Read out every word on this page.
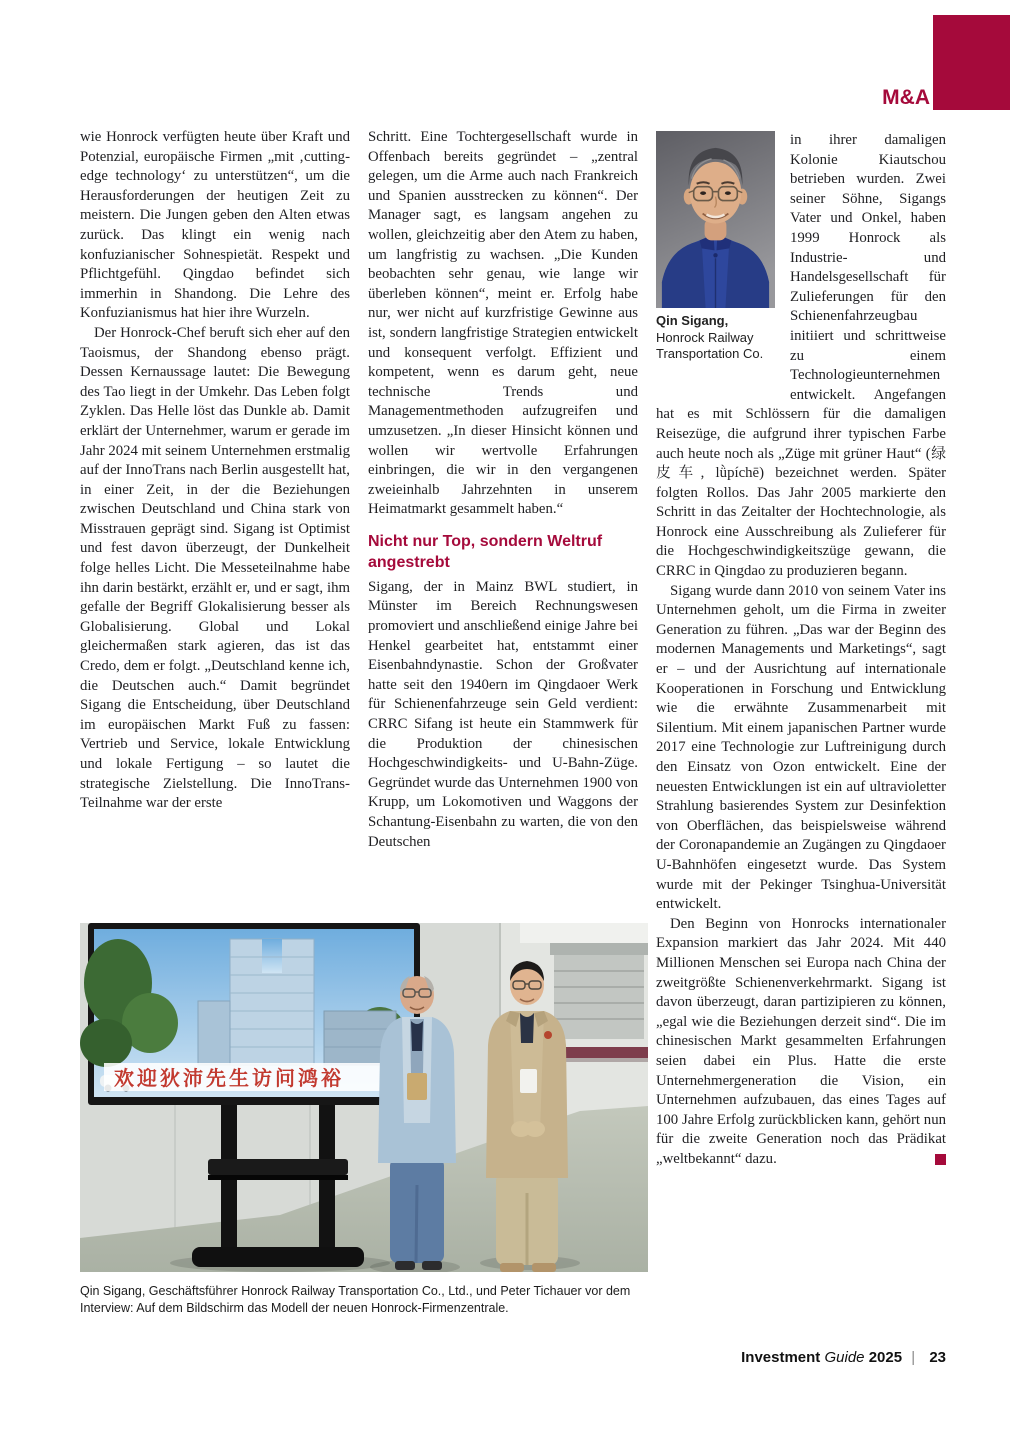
M&A

wie Honrock verfügten heute über Kraft und Potenzial, europäische Firmen „mit ‚cutting-edge technology‘ zu unterstützen“, um die Herausforderungen der heutigen Zeit zu meistern. Die Jungen geben den Alten etwas zurück. Das klingt ein wenig nach konfuzianischer Sohnespietät. Respekt und Pflichtgefühl. Qingdao befindet sich immerhin in Shandong. Die Lehre des Konfuzianismus hat hier ihre Wurzeln.

Der Honrock-Chef beruft sich eher auf den Taoismus, der Shandong ebenso prägt. Dessen Kernaussage lautet: Die Bewegung des Tao liegt in der Umkehr. Das Leben folgt Zyklen. Das Helle löst das Dunkle ab. Damit erklärt der Unternehmer, warum er gerade im Jahr 2024 mit seinem Unternehmen erstmalig auf der InnoTrans nach Berlin ausgestellt hat, in einer Zeit, in der die Beziehungen zwischen Deutschland und China stark von Misstrauen geprägt sind. Sigang ist Optimist und fest davon überzeugt, der Dunkelheit folge helles Licht. Die Messeteilnahme habe ihn darin bestärkt, erzählt er, und er sagt, ihm gefalle der Begriff Glokalisierung besser als Globalisierung. Global und Lokal gleichermaßen stark agieren, das ist das Credo, dem er folgt. „Deutschland kenne ich, die Deutschen auch.“ Damit begründet Sigang die Entscheidung, über Deutschland im europäischen Markt Fuß zu fassen: Vertrieb und Service, lokale Entwicklung und lokale Fertigung – so lautet die strategische Zielstellung. Die InnoTrans-Teilnahme war der erste

Schritt. Eine Tochtergesellschaft wurde in Offenbach bereits gegründet – „zentral gelegen, um die Arme auch nach Frankreich und Spanien ausstrecken zu können“. Der Manager sagt, es langsam angehen zu wollen, gleichzeitig aber den Atem zu haben, um langfristig zu wachsen. „Die Kunden beobachten sehr genau, wie lange wir überleben können“, meint er. Erfolg habe nur, wer nicht auf kurzfristige Gewinne aus ist, sondern langfristige Strategien entwickelt und konsequent verfolgt. Effizient und kompetent, wenn es darum geht, neue technische Trends und Managementmethoden aufzugreifen und umzusetzen. „In dieser Hinsicht können und wollen wir wertvolle Erfahrungen einbringen, die wir in den vergangenen zweieinhalb Jahrzehnten in unserem Heimatmarkt gesammelt haben.“

Nicht nur Top, sondern Weltruf angestrebt

Sigang, der in Mainz BWL studiert, in Münster im Bereich Rechnungswesen promoviert und anschließend einige Jahre bei Henkel gearbeitet hat, entstammt einer Eisenbahndynastie. Schon der Großvater hatte seit den 1940ern im Qingdaoer Werk für Schienenfahrzeuge sein Geld verdient: CRRC Sifang ist heute ein Stammwerk für die Produktion der chinesischen Hochgeschwindigkeits- und U-Bahn-Züge. Gegründet wurde das Unternehmen 1900 von Krupp, um Lokomotiven und Waggons der Schantung-Eisenbahn zu warten, die von den Deutschen

Qin Sigang,
Honrock Railway
Transportation Co.

in ihrer damaligen Kolonie Kiautschou betrieben wurden. Zwei seiner Söhne, Sigangs Vater und Onkel, haben 1999 Honrock als Industrie- und Handelsgesellschaft für Zulieferungen für den Schienenfahrzeugbau initiiert und schrittweise zu einem Technologieunternehmen entwickelt. Angefangen hat es mit Schlössern für die damaligen Reisezüge, die aufgrund ihrer typischen Farbe auch heute noch als „Züge mit grüner Haut“ (绿皮车, lǜpíchē) bezeichnet werden. Später folgten Rollos. Das Jahr 2005 markierte den Schritt in das Zeitalter der Hochtechnologie, als Honrock eine Ausschreibung als Zulieferer für die Hochgeschwindigkeitszüge gewann, die CRRC in Qingdao zu produzieren begann.

Sigang wurde dann 2010 von seinem Vater ins Unternehmen geholt, um die Firma in zweiter Generation zu führen. „Das war der Beginn des modernen Managements und Marketings“, sagt er – und der Ausrichtung auf internationale Kooperationen in Forschung und Entwicklung wie die erwähnte Zusammenarbeit mit Silentium. Mit einem japanischen Partner wurde 2017 eine Technologie zur Luftreinigung durch den Einsatz von Ozon entwickelt. Eine der neuesten Entwicklungen ist ein auf ultravioletter Strahlung basierendes System zur Desinfektion von Oberflächen, das beispielsweise während der Coronapandemie an Zugängen zu Qingdaoer U-Bahnhöfen eingesetzt wurde. Das System wurde mit der Pekinger Tsinghua-Universität entwickelt.

Den Beginn von Honrocks internationaler Expansion markiert das Jahr 2024. Mit 440 Millionen Menschen sei Europa nach China der zweitgrößte Schienenverkehrmarkt. Sigang ist davon überzeugt, daran partizipieren zu können, „egal wie die Beziehungen derzeit sind“. Die im chinesischen Markt gesammelten Erfahrungen seien dabei ein Plus. Hatte die erste Unternehmergeneration die Vision, ein Unternehmen aufzubauen, das eines Tages auf 100 Jahre Erfolg zurückblicken kann, gehört nun für die zweite Generation noch das Prädikat „weltbekannt“ dazu.

欢迎狄沛先生访问鸿裕
Qin Sigang, Geschäftsführer Honrock Railway Transportation Co., Ltd., und Peter Tichauer vor dem Interview: Auf dem Bildschirm das Modell der neuen Honrock-Firmenzentrale.
Investment Guide 2025 | 23
